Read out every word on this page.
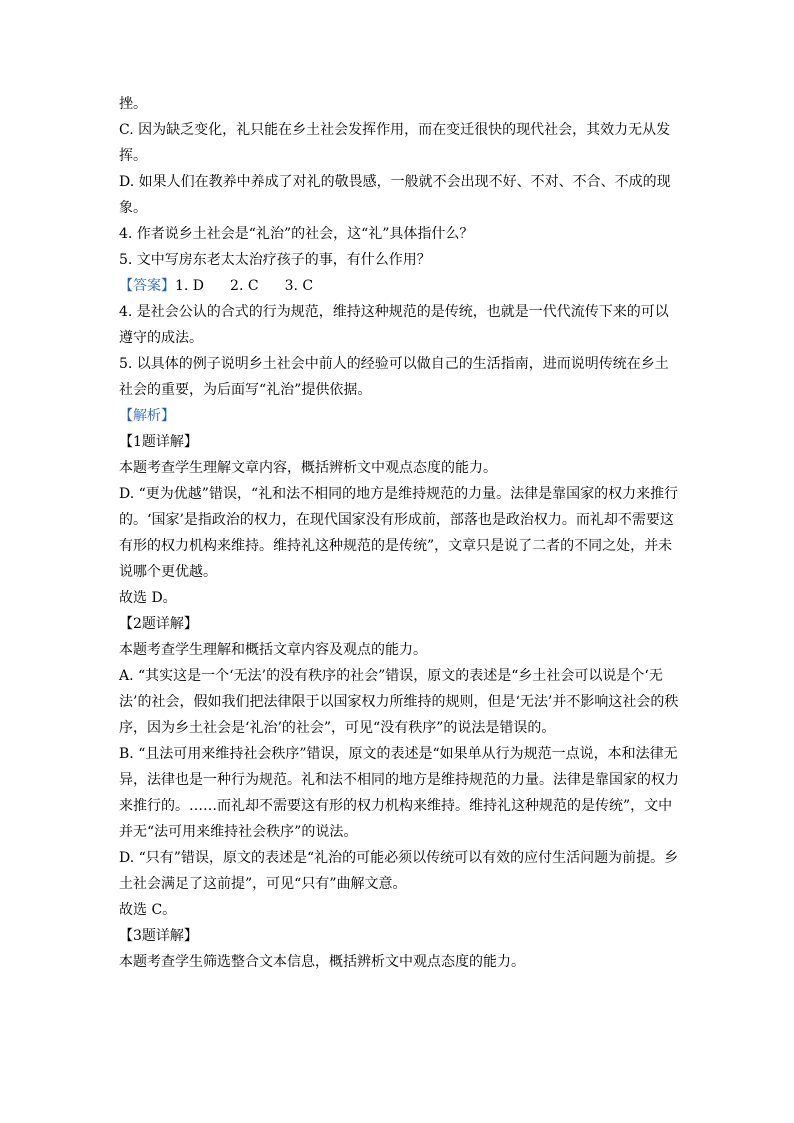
挫。

C. 因为缺乏变化，礼只能在乡土社会发挥作用，而在变迁很快的现代社会，其效力无从发挥。

D. 如果人们在教养中养成了对礼的敬畏感，一般就不会出现不好、不对、不合、不成的现象。

4. 作者说乡土社会是“礼治”的社会，这“礼”具体指什么？

5. 文中写房东老太太治疗孩子的事，有什么作用？

【答案】1. D 2. C 3. C

4. 是社会公认的合式的行为规范，维持这种规范的是传统，也就是一代代流传下来的可以遵守的成法。

5. 以具体的例子说明乡土社会中前人的经验可以做自己的生活指南，进而说明传统在乡土社会的重要，为后面写“礼治”提供依据。

【解析】

【1题详解】

本题考查学生理解文章内容，概括辨析文中观点态度的能力。

D. “更为优越”错误，“礼和法不相同的地方是维持规范的力量。法律是靠国家的权力来推行的。‘国家’是指政治的权力，在现代国家没有形成前，部落也是政治权力。而礼却不需要这有形的权力机构来维持。维持礼这种规范的是传统”，文章只是说了二者的不同之处，并未说哪个更优越。

故选 D。

【2题详解】

本题考查学生理解和概括文章内容及观点的能力。

A. “其实这是一个‘无法’的没有秩序的社会”错误，原文的表述是“乡土社会可以说是个‘无法’的社会，假如我们把法律限于以国家权力所维持的规则，但是‘无法’并不影响这社会的秩序，因为乡土社会是‘礼治’的社会”，可见“没有秩序”的说法是错误的。

B. “且法可用来维持社会秩序”错误，原文的表述是“如果单从行为规范一点说，本和法律无异，法律也是一种行为规范。礼和法不相同的地方是维持规范的力量。法律是靠国家的权力来推行的。……而礼却不需要这有形的权力机构来维持。维持礼这种规范的是传统”，文中并无“法可用来维持社会秩序”的说法。

D. “只有”错误，原文的表述是“礼治的可能必须以传统可以有效的应付生活问题为前提。乡土社会满足了这前提”，可见“只有”曲解文意。

故选 C。

【3题详解】

本题考查学生筛选整合文本信息，概括辨析文中观点态度的能力。
